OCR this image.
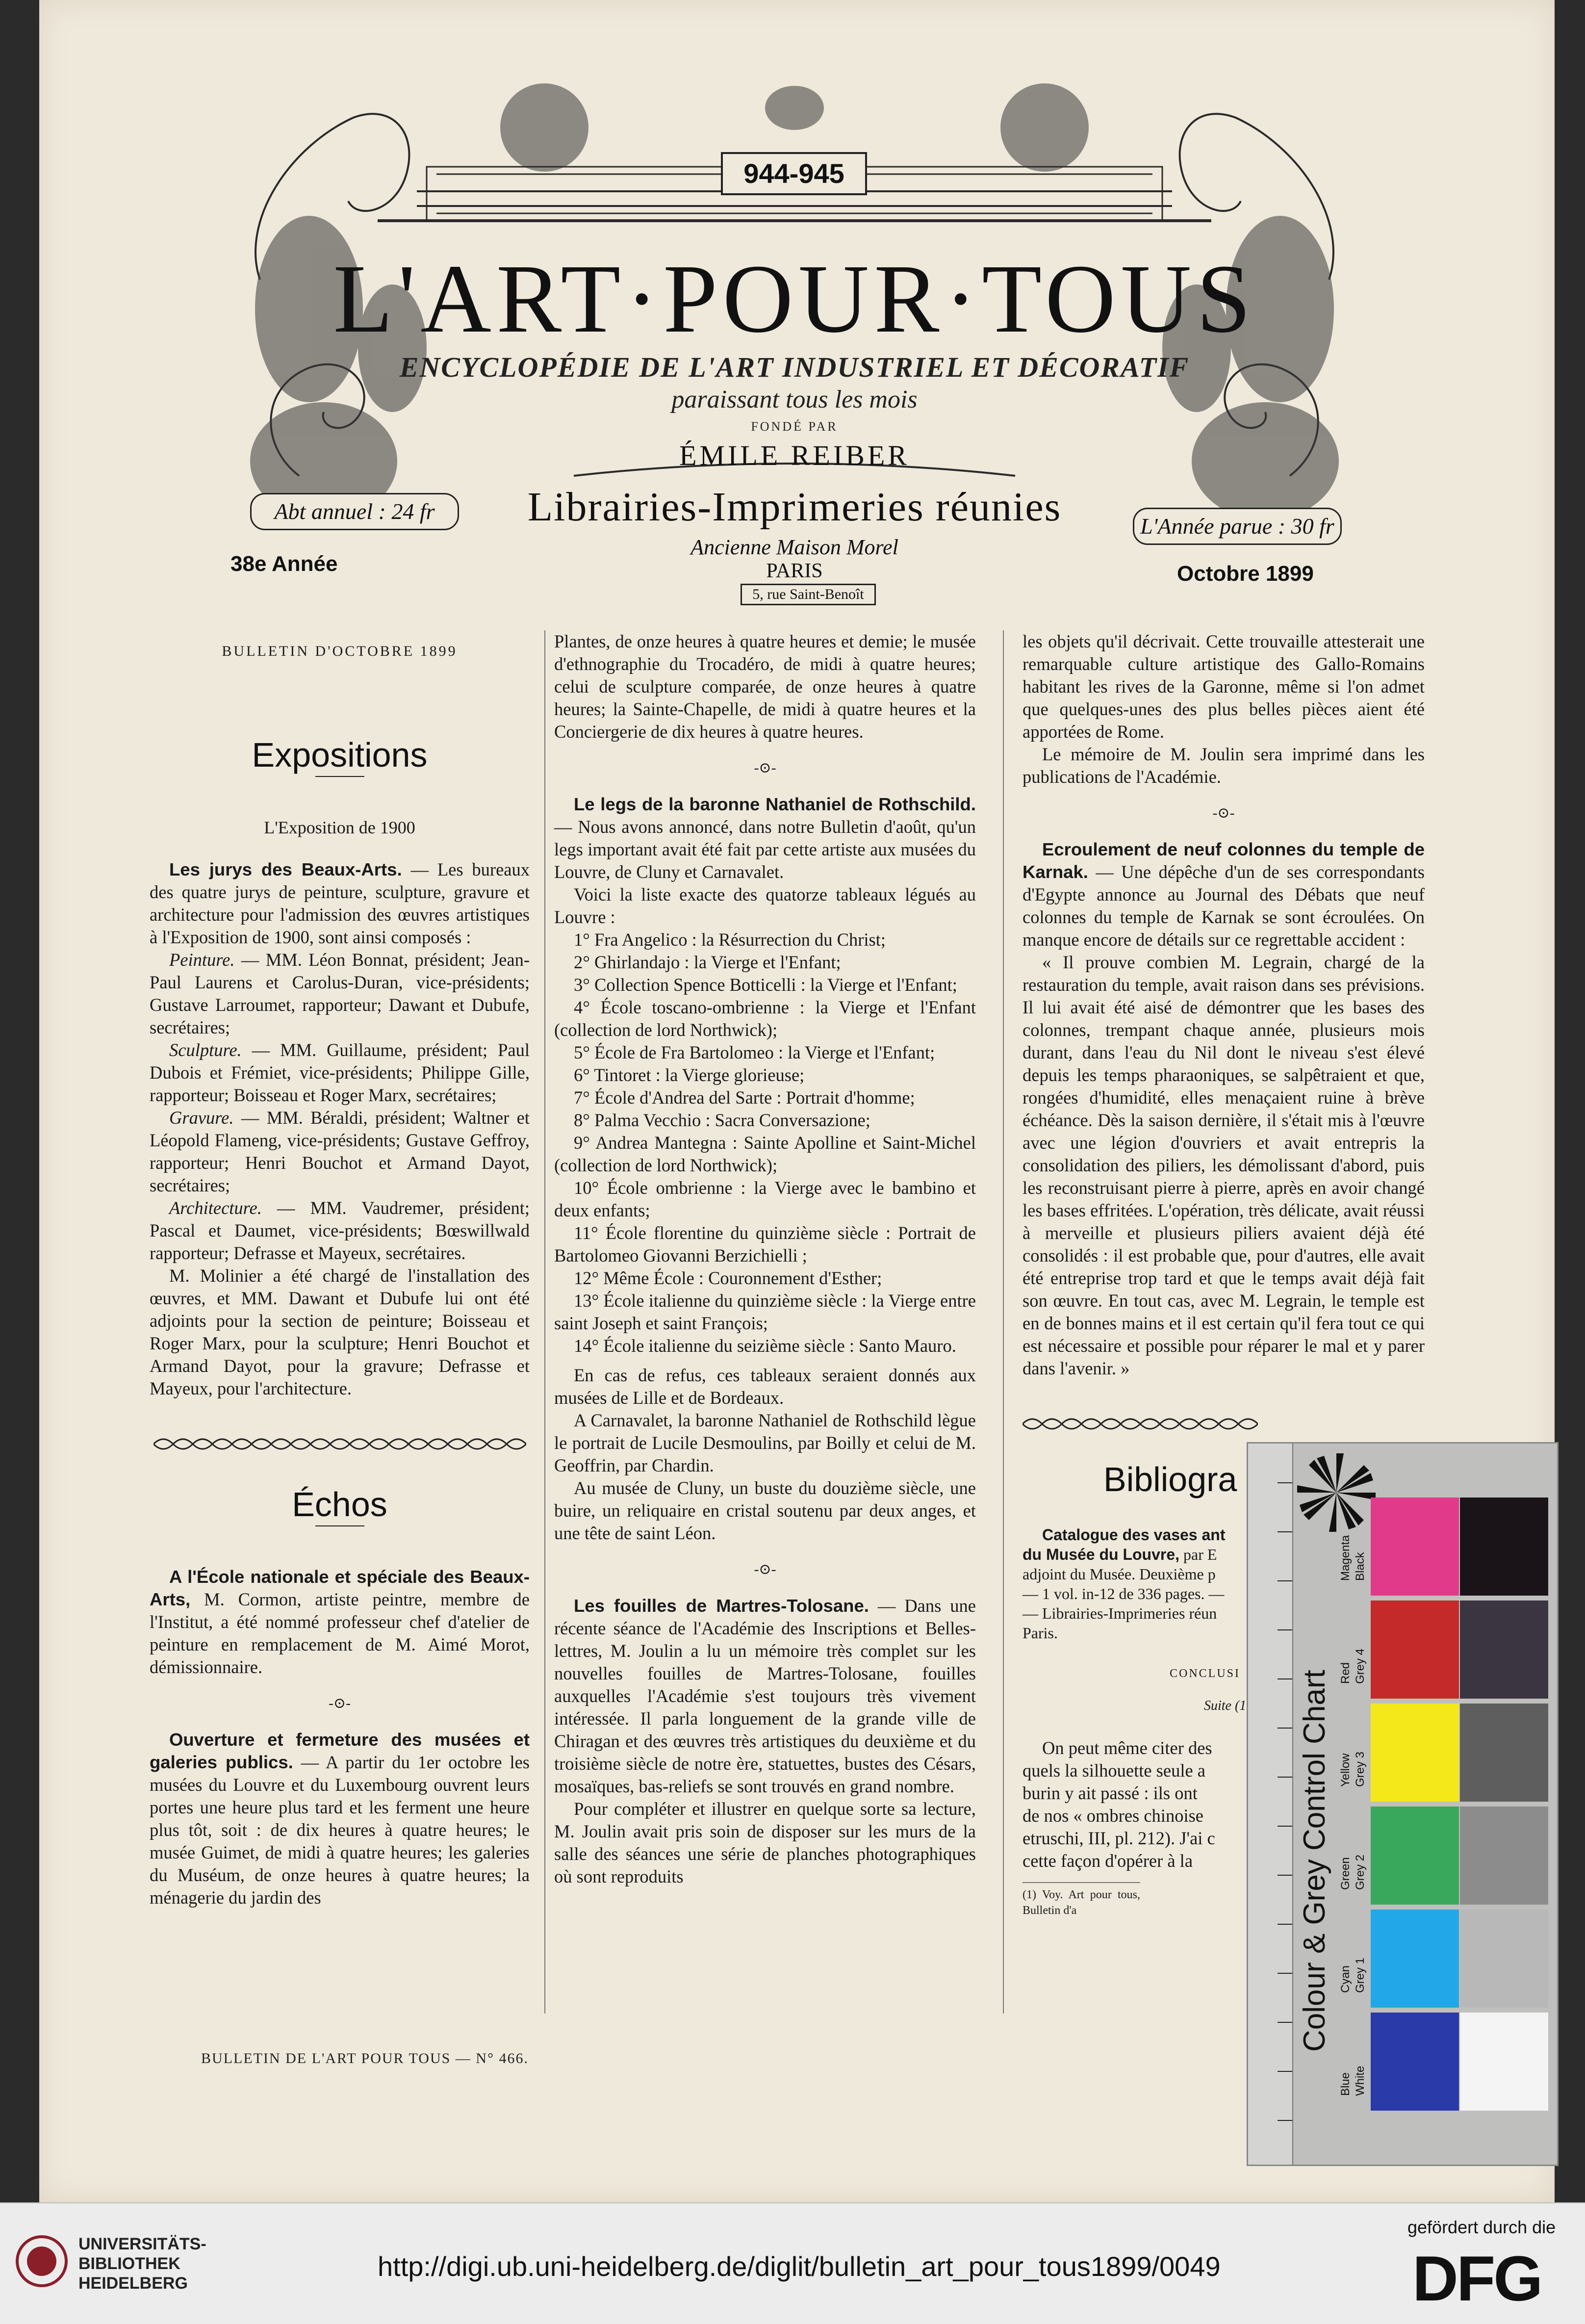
944-945
L'ART·POUR·TOUS
ENCYCLOPÉDIE DE L'ART INDUSTRIEL ET DÉCORATIF
paraissant tous les mois
FONDÉ PAR
ÉMILE REIBER
Librairies-Imprimeries réunies
Ancienne Maison Morel
PARIS
5, rue Saint-Benoît
Abt annuel : 24 fr
L'Année parue : 30 fr
38e Année	Octobre 1899

BULLETIN D'OCTOBRE 1899

Expositions

L'Exposition de 1900

Les jurys des Beaux-Arts. — Les bureaux des quatre jurys de peinture, sculpture, gravure et architecture pour l'admission des œuvres artistiques à l'Exposition de 1900, sont ainsi composés :

Peinture. — MM. Léon Bonnat, président; Jean-Paul Laurens et Carolus-Duran, vice-présidents; Gustave Larroumet, rapporteur; Dawant et Dubufe, secrétaires;

Sculpture. — MM. Guillaume, président; Paul Dubois et Frémiet, vice-présidents; Philippe Gille, rapporteur; Boisseau et Roger Marx, secrétaires;

Gravure. — MM. Béraldi, président; Waltner et Léopold Flameng, vice-présidents; Gustave Geffroy, rapporteur; Henri Bouchot et Armand Dayot, secrétaires;

Architecture. — MM. Vaudremer, président; Pascal et Daumet, vice-présidents; Bœswillwald rapporteur; Defrasse et Mayeux, secrétaires.

M. Molinier a été chargé de l'installation des œuvres, et MM. Dawant et Dubufe lui ont été adjoints pour la section de peinture; Boisseau et Roger Marx, pour la sculpture; Henri Bouchot et Armand Dayot, pour la gravure; Defrasse et Mayeux, pour l'architecture.

Échos

A l'École nationale et spéciale des Beaux-Arts, M. Cormon, artiste peintre, membre de l'Institut, a été nommé professeur chef d'atelier de peinture en remplacement de M. Aimé Morot, démissionnaire.

-⊙-

Ouverture et fermeture des musées et galeries publics. — A partir du 1er octobre les musées du Louvre et du Luxembourg ouvrent leurs portes une heure plus tard et les ferment une heure plus tôt, soit : de dix heures à quatre heures; le musée Guimet, de midi à quatre heures; les galeries du Muséum, de onze heures à quatre heures; la ménagerie du jardin des

BULLETIN DE L'ART POUR TOUS — N° 466.

Plantes, de onze heures à quatre heures et demie; le musée d'ethnographie du Trocadéro, de midi à quatre heures; celui de sculpture comparée, de onze heures à quatre heures; la Sainte-Chapelle, de midi à quatre heures et la Conciergerie de dix heures à quatre heures.

-⊙-

Le legs de la baronne Nathaniel de Rothschild. — Nous avons annoncé, dans notre Bulletin d'août, qu'un legs important avait été fait par cette artiste aux musées du Louvre, de Cluny et Carnavalet.

Voici la liste exacte des quatorze tableaux légués au Louvre :

1° Fra Angelico : la Résurrection du Christ;

2° Ghirlandajo : la Vierge et l'Enfant;

3° Collection Spence Botticelli : la Vierge et l'Enfant;

4° École toscano-ombrienne : la Vierge et l'Enfant (collection de lord Northwick);

5° École de Fra Bartolomeo : la Vierge et l'Enfant;

6° Tintoret : la Vierge glorieuse;

7° École d'Andrea del Sarte : Portrait d'homme;

8° Palma Vecchio : Sacra Conversazione;

9° Andrea Mantegna : Sainte Apolline et Saint-Michel (collection de lord Northwick);

10° École ombrienne : la Vierge avec le bambino et deux enfants;

11° École florentine du quinzième siècle : Portrait de Bartolomeo Giovanni Berzichielli ;

12° Même École : Couronnement d'Esther;

13° École italienne du quinzième siècle : la Vierge entre saint Joseph et saint François;

14° École italienne du seizième siècle : Santo Mauro.

En cas de refus, ces tableaux seraient donnés aux musées de Lille et de Bordeaux.

A Carnavalet, la baronne Nathaniel de Rothschild lègue le portrait de Lucile Desmoulins, par Boilly et celui de M. Geoffrin, par Chardin.

Au musée de Cluny, un buste du douzième siècle, une buire, un reliquaire en cristal soutenu par deux anges, et une tête de saint Léon.

-⊙-

Les fouilles de Martres-Tolosane. — Dans une récente séance de l'Académie des Inscriptions et Belles-lettres, M. Joulin a lu un mémoire très complet sur les nouvelles fouilles de Martres-Tolosane, fouilles auxquelles l'Académie s'est toujours très vivement intéressée. Il parla longuement de la grande ville de Chiragan et des œuvres très artistiques du deuxième et du troisième siècle de notre ère, statuettes, bustes des Césars, mosaïques, bas-reliefs se sont trouvés en grand nombre.

Pour compléter et illustrer en quelque sorte sa lecture, M. Joulin avait pris soin de disposer sur les murs de la salle des séances une série de planches photographiques où sont reproduits

les objets qu'il décrivait. Cette trouvaille attesterait une remarquable culture artistique des Gallo-Romains habitant les rives de la Garonne, même si l'on admet que quelques-unes des plus belles pièces aient été apportées de Rome.

Le mémoire de M. Joulin sera imprimé dans les publications de l'Académie.

-⊙-

Ecroulement de neuf colonnes du temple de Karnak. — Une dépêche d'un de ses correspondants d'Egypte annonce au Journal des Débats que neuf colonnes du temple de Karnak se sont écroulées. On manque encore de détails sur ce regrettable accident :

« Il prouve combien M. Legrain, chargé de la restauration du temple, avait raison dans ses prévisions. Il lui avait été aisé de démontrer que les bases des colonnes, trempant chaque année, plusieurs mois durant, dans l'eau du Nil dont le niveau s'est élevé depuis les temps pharaoniques, se salpêtraient et que, rongées d'humidité, elles menaçaient ruine à brève échéance. Dès la saison dernière, il s'était mis à l'œuvre avec une légion d'ouvriers et avait entrepris la consolidation des piliers, les démolissant d'abord, puis les reconstruisant pierre à pierre, après en avoir changé les bases effritées. L'opération, très délicate, avait réussi à merveille et plusieurs piliers avaient déjà été consolidés : il est probable que, pour d'autres, elle avait été entreprise trop tard et que le temps avait déjà fait son œuvre. En tout cas, avec M. Legrain, le temple est en de bonnes mains et il est certain qu'il fera tout ce qui est nécessaire et possible pour réparer le mal et y parer dans l'avenir. »

Bibliogra

Catalogue des vases ant
du Musée du Louvre, par E
adjoint du Musée. Deuxième p
— 1 vol. in-12 de 336 pages. —
— Librairies-Imprimeries réun
Paris.

CONCLUSI

Suite (1

On peut même citer des
quels la silhouette seule a
burin y ait passé : ils ont
de nos « ombres chinoise
etruschi, III, pl. 212). J'ai c
cette façon d'opérer à la

(1) Voy. Art pour tous, Bulletin d'a	Colour & Grey Control Chart
Blue White
Cyan Grey 1
Green Grey 2
Yellow Grey 3
Red Grey 4
Magenta Black
UNIVERSITÄTS-
BIBLIOTHEK
HEIDELBERG
http://digi.ub.uni-heidelberg.de/diglit/bulletin_art_pour_tous1899/0049
gefördert durch die
DFG
